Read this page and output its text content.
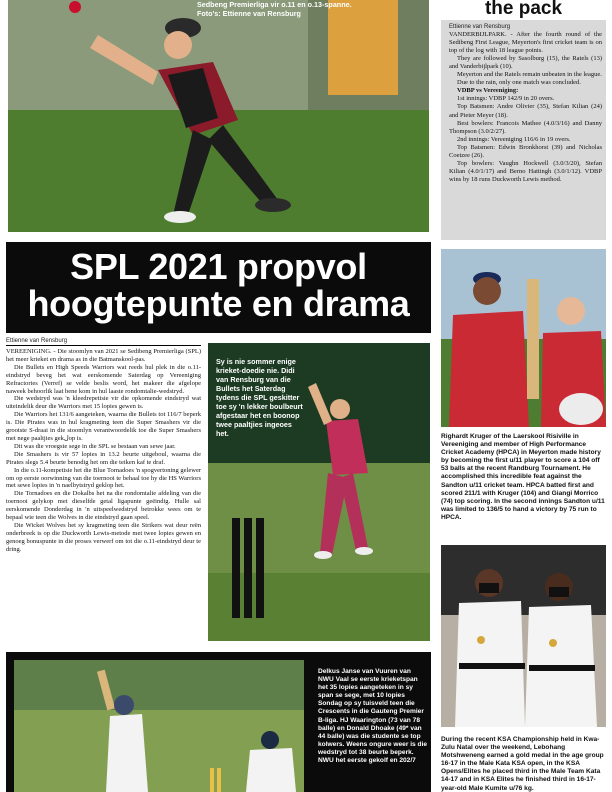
Sedbeng Premierliga vir o.11 en o.13-spanne.
Foto's: Ettienne van Rensburg	the pack
Ettienne van Rensburg

VANDERBIJLPARK. - After the fourth round of the Sedibeng First League, Meyerton's first cricket team is on top of the log with 18 league points.

They are followed by Sasolburg (15), the Ratels (13) and Vanderbijlpark (10).

Meyerton and the Ratels remain unbeaten in the league.

Due to the rain, only one match was concluded.

VDBP vs Vereeniging:

1st innings: VDBP 142/9 in 20 overs.

Top Batsmen: Andre Olivier (35), Stefan Kilian (24) and Pieter Meyer (18).

Best bowlers: Francois Mathee (4.0/3/16) and Danny Thompson (3.0/2/27).

2nd innings: Vereeniging 116/6 in 19 overs.

Top Batsmen: Edwin Bronkhorst (39) and Nicholas Coetzee (26).

Top bowlers: Vaughn Hockwell (3.0/3/20), Stefan Kilian (4.0/1/17) and Berno Hattingh (3.0/1/12). VDBP wins by 18 runs Duckworth Lewis method.

SPL 2021 propvol
hoogtepunte en drama
Ettienne van Rensburg

VEREENIGING. - Die stoomlyn van 2021 se Sedibeng Premierliga (SPL) het meer krieket en drama as in die Batmanskool-pas.

Die Bullets en High Speeds Warriors wat reeds hul plek in die o.11-eindstryd beveg het wat eerskomende Saterdag op Vereeniging Refractories (Verref) se velde beslis word, het makeer die afgelope naweek behoorlik laat bene kom in hul laaste rondomtalie-wedstryd.

Die wedstryd was 'n kleedrepetisie vir die opkomende eindstryd wat uiteindelik deur die Warriors met 15 lopies gewen is.

Die Warriors het 131/6 aangeteken, waarna die Bullets tot 116/7 beperk is. Die Pirates was in hul kragmeting teen die Super Smashers vir die grootste S-draai in die stoomlyn verantwoordelik toe die Super Smashers met nege paaltjies gekلop is.

Dit was die vroegste sege in die SPL se bestaan van sewe jaar.

Die Smashers is vir 57 lopies in 13.2 beurte uitgeboul, waarna die Pirates slegs 5.4 beurte benodig het om die teiken kaf te draf.

In die o.11-kompetisie het die Blue Tornadoes 'n spogvertoning gelewer om op eerste oorwinning van die toernooi te behaal toe hy die HS Warriors met sewe lopies in 'n naelbytstryd geklop het.

Die Tornadoes en die Dokalbs het na die rondomtalie afdeling van die toernooi gelykop met dieselfde getal ligapunte geëindig. Hulle sal eerskomende Donderdag in 'n uitspeelwedstryd betrokke wees om te bepaal wie teen die Wolves in die eindstryd gaan speel.

Die Wicket Wolves het sy kragmeting teen die Strikers wat deur reën onderbreek is op die Duckworth Lewis-metode met twee lopies gewen en genoeg bonuspunte in die proses verwerf om tot die o.11-eindstryd deur te dring.

Sy is nie sommer enige krieket-doedie nie. Didi van Rensburg van die Bullets het Saterdag tydens die SPL geskitter toe sy 'n lekker boulbeurt afgestaar het en boonop twee paaltjies ingeoes het.	Righardt Kruger of the Laerskool Risiville in Vereeniging and member of High Performance Cricket Academy (HPCA) in Meyerton made history by becoming the first u/11 player to score a 104 off 53 balls at the recent Randburg Tournament. He accomplished this incredible feat against the Sandton u/11 cricket team. HPCA batted first and scored 211/1 with Kruger (104) and Giangi Morrico (74) top scoring. In the second innings Sandton u/11 was limited to 136/5 to hand a victory by 75 run to HPCA.
During the recent KSA Championship held in Kwa-Zulu Natal over the weekend, Lebohang Motshweneng earned a gold medal in the age group 16-17 in the Male Kata KSA open, in the KSA Opens/Elites he placed third in the Male Team Kata 14-17 and in KSA Elites he finished third in 16-17-year-old Male Kumite u/76 kg.
Delkus Janse van Vuuren van NWU Vaal se eerste krieketspan het 35 lopies aangeteken in sy span se sege, met 10 lopies Sondag op sy tuisveld teen die Crescents in die Gauteng Premier B-liga. HJ Waarington (73 van 78 balle) en Donald Dhoake (49* van 44 balle) was die studente se top kolwers. Weens ongure weer is die wedstryd tot 38 beurte beperk. NWU het eerste gekolf en 202/7
